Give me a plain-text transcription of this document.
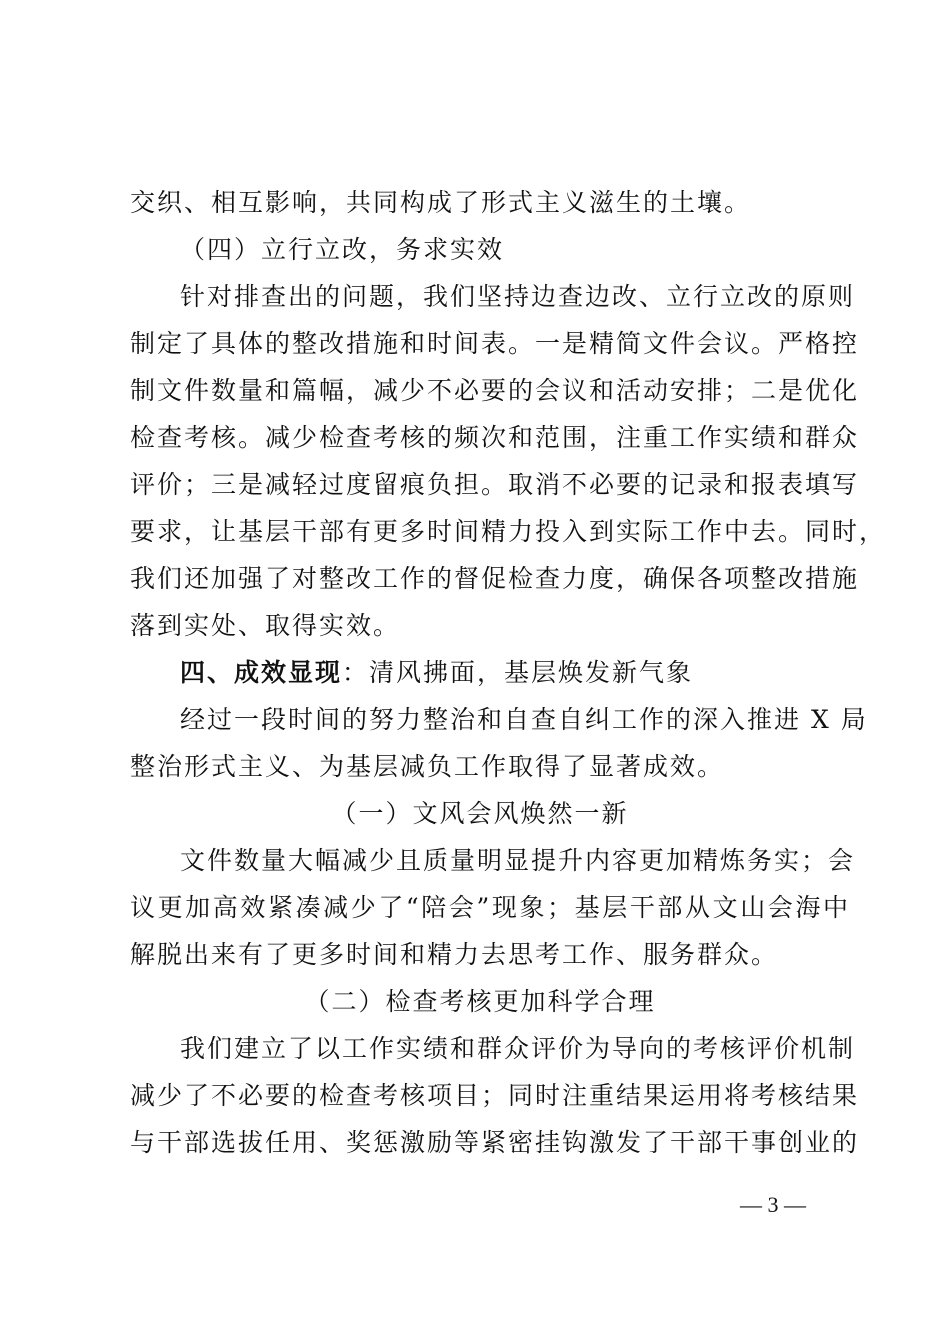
交织、相互影响，共同构成了形式主义滋生的土壤。
（四）立行立改，务求实效
针对排查出的问题，我们坚持边查边改、立行立改的原则
制定了具体的整改措施和时间表。一是精简文件会议。严格控
制文件数量和篇幅，减少不必要的会议和活动安排；二是优化
检查考核。减少检查考核的频次和范围，注重工作实绩和群众
评价；三是减轻过度留痕负担。取消不必要的记录和报表填写
要求，让基层干部有更多时间精力投入到实际工作中去。同时，
我们还加强了对整改工作的督促检查力度，确保各项整改措施
落到实处、取得实效。
四、成效显现：清风拂面，基层焕发新气象
经过一段时间的努力整治和自查自纠工作的深入推进 X 局
整治形式主义、为基层减负工作取得了显著成效。
（一）文风会风焕然一新
文件数量大幅减少且质量明显提升内容更加精炼务实；会
议更加高效紧凑减少了“陪会”现象；基层干部从文山会海中
解脱出来有了更多时间和精力去思考工作、服务群众。
（二）检查考核更加科学合理
我们建立了以工作实绩和群众评价为导向的考核评价机制
减少了不必要的检查考核项目；同时注重结果运用将考核结果
与干部选拔任用、奖惩激励等紧密挂钩激发了干部干事创业的
— 3 —
